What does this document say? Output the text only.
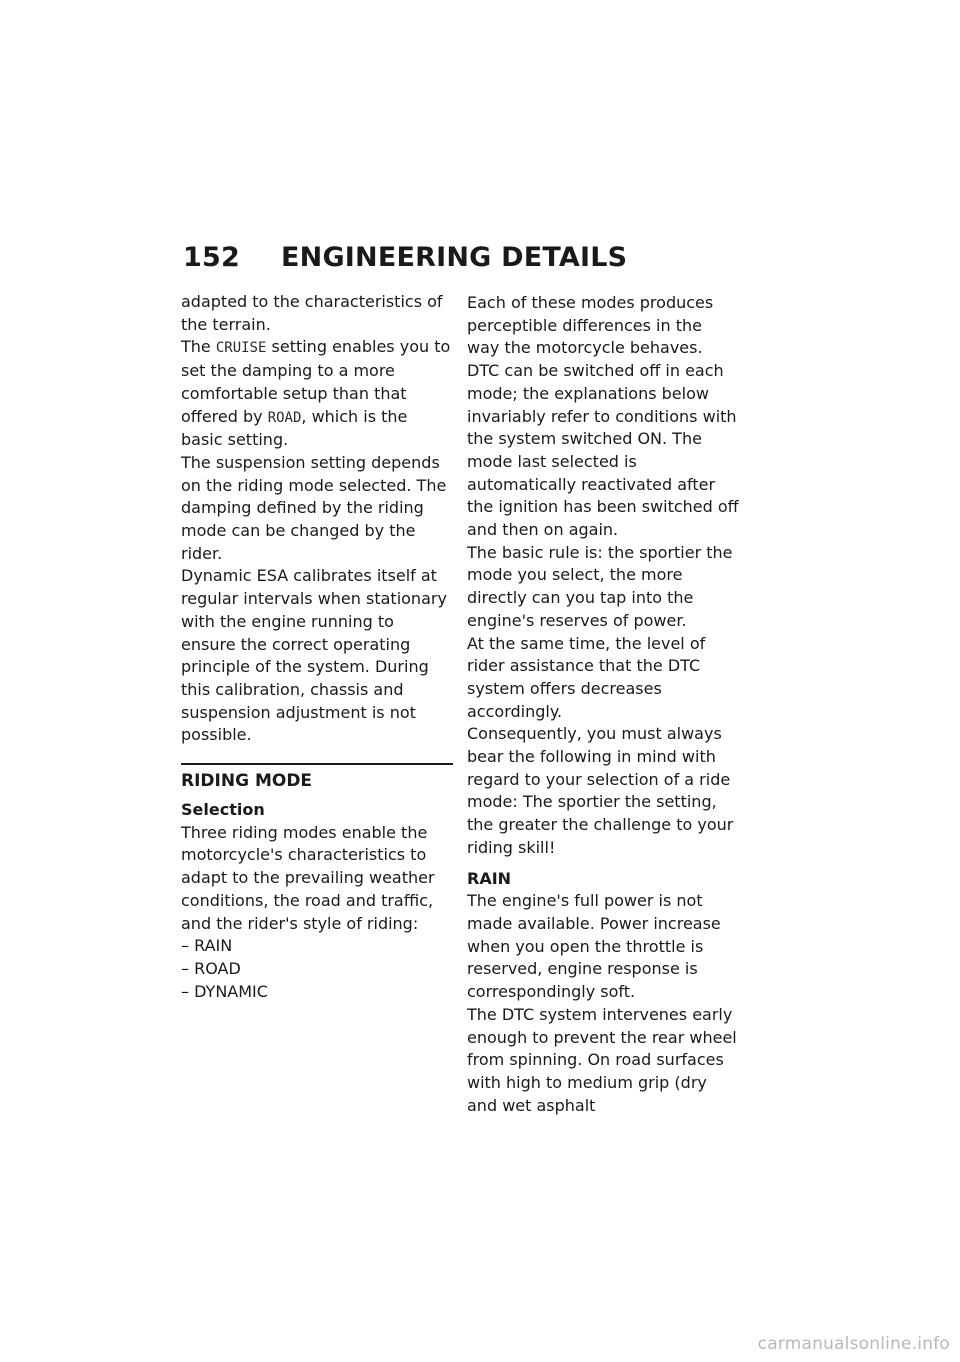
152 ENGINEERING DETAILS

adapted to the characteristics of the terrain.

The CRUISE setting enables you to set the damping to a more comfortable setup than that offered by ROAD, which is the basic setting.

The suspension setting depends on the riding mode selected. The damping defined by the riding mode can be changed by the rider.

Dynamic ESA calibrates itself at regular intervals when stationary with the engine running to ensure the correct operating principle of the system. During this calibration, chassis and suspension adjustment is not possible.

RIDING MODE
Selection

Three riding modes enable the motorcycle's characteristics to adapt to the prevailing weather conditions, the road and traffic, and the rider's style of riding:

– RAIN
– ROAD
– DYNAMIC

Each of these modes produces perceptible differences in the way the motorcycle behaves.

DTC can be switched off in each mode; the explanations below invariably refer to conditions with the system switched ON. The mode last selected is automatically reactivated after the ignition has been switched off and then on again.

The basic rule is: the sportier the mode you select, the more directly can you tap into the engine's reserves of power.

At the same time, the level of rider assistance that the DTC system offers decreases accordingly.

Consequently, you must always bear the following in mind with regard to your selection of a ride mode: The sportier the setting, the greater the challenge to your riding skill!

RAIN

The engine's full power is not made available. Power increase when you open the throttle is reserved, engine response is correspondingly soft.

The DTC system intervenes early enough to prevent the rear wheel from spinning. On road surfaces with high to medium grip (dry and wet asphalt

carmanualsonline.info
